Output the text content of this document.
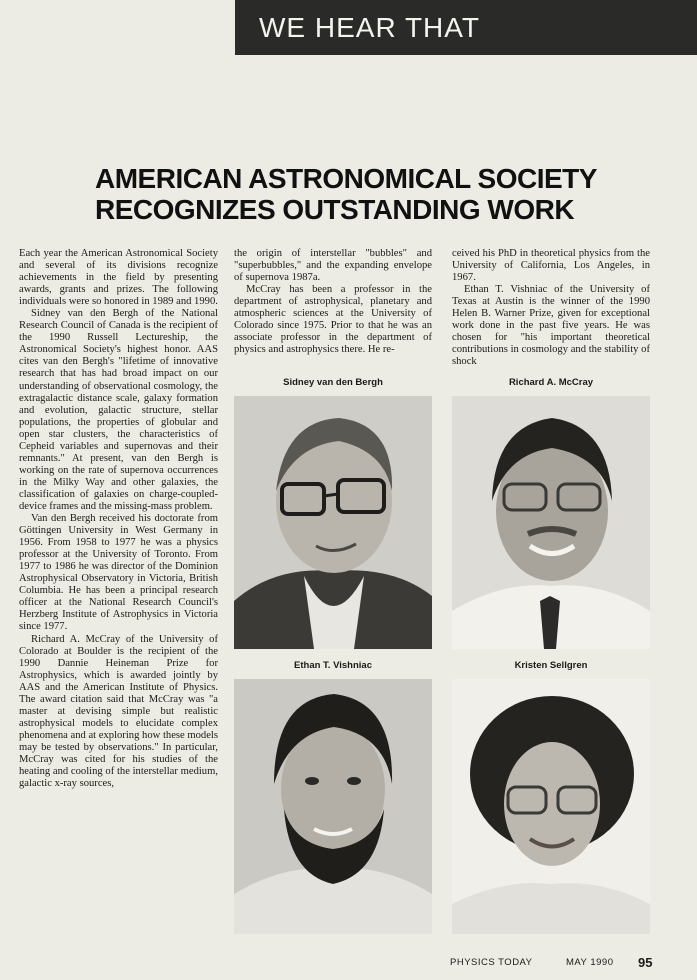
WE HEAR THAT
AMERICAN ASTRONOMICAL SOCIETY
RECOGNIZES OUTSTANDING WORK

Each year the American Astronomical Society and several of its divisions recognize achievements in the field by presenting awards, grants and prizes. The following individuals were so honored in 1989 and 1990.

Sidney van den Bergh of the National Research Council of Canada is the recipient of the 1990 Russell Lectureship, the Astronomical Society's highest honor. AAS cites van den Bergh's "lifetime of innovative research that has had broad impact on our understanding of observational cosmology, the extragalactic distance scale, galaxy formation and evolution, galactic structure, stellar populations, the properties of globular and open star clusters, the characteristics of Cepheid variables and supernovas and their remnants." At present, van den Bergh is working on the rate of supernova occurrences in the Milky Way and other galaxies, the classification of galaxies on charge-coupled-device frames and the missing-mass problem.

Van den Bergh received his doctorate from Göttingen University in West Germany in 1956. From 1958 to 1977 he was a physics professor at the University of Toronto. From 1977 to 1986 he was director of the Dominion Astrophysical Observatory in Victoria, British Columbia. He has been a principal research officer at the National Research Council's Herzberg Institute of Astrophysics in Victoria since 1977.

Richard A. McCray of the University of Colorado at Boulder is the recipient of the 1990 Dannie Heineman Prize for Astrophysics, which is awarded jointly by AAS and the American Institute of Physics. The award citation said that McCray was "a master at devising simple but realistic astrophysical models to elucidate complex phenomena and at exploring how these models may be tested by observations." In particular, McCray was cited for his studies of the heating and cooling of the interstellar medium, galactic x-ray sources,

the origin of interstellar "bubbles" and "superbubbles," and the expanding envelope of supernova 1987a.

McCray has been a professor in the department of astrophysical, planetary and atmospheric sciences at the University of Colorado since 1975. Prior to that he was an associate professor in the department of physics and astrophysics there. He re-

ceived his PhD in theoretical physics from the University of California, Los Angeles, in 1967.

Ethan T. Vishniac of the University of Texas at Austin is the winner of the 1990 Helen B. Warner Prize, given for exceptional work done in the past five years. He was chosen for "his important theoretical contributions in cosmology and the stability of shock

Sidney van den Bergh	Richard A. McCray
Ethan T. Vishniac	Kristen Sellgren
PHYSICS TODAY	MAY 1990	95
